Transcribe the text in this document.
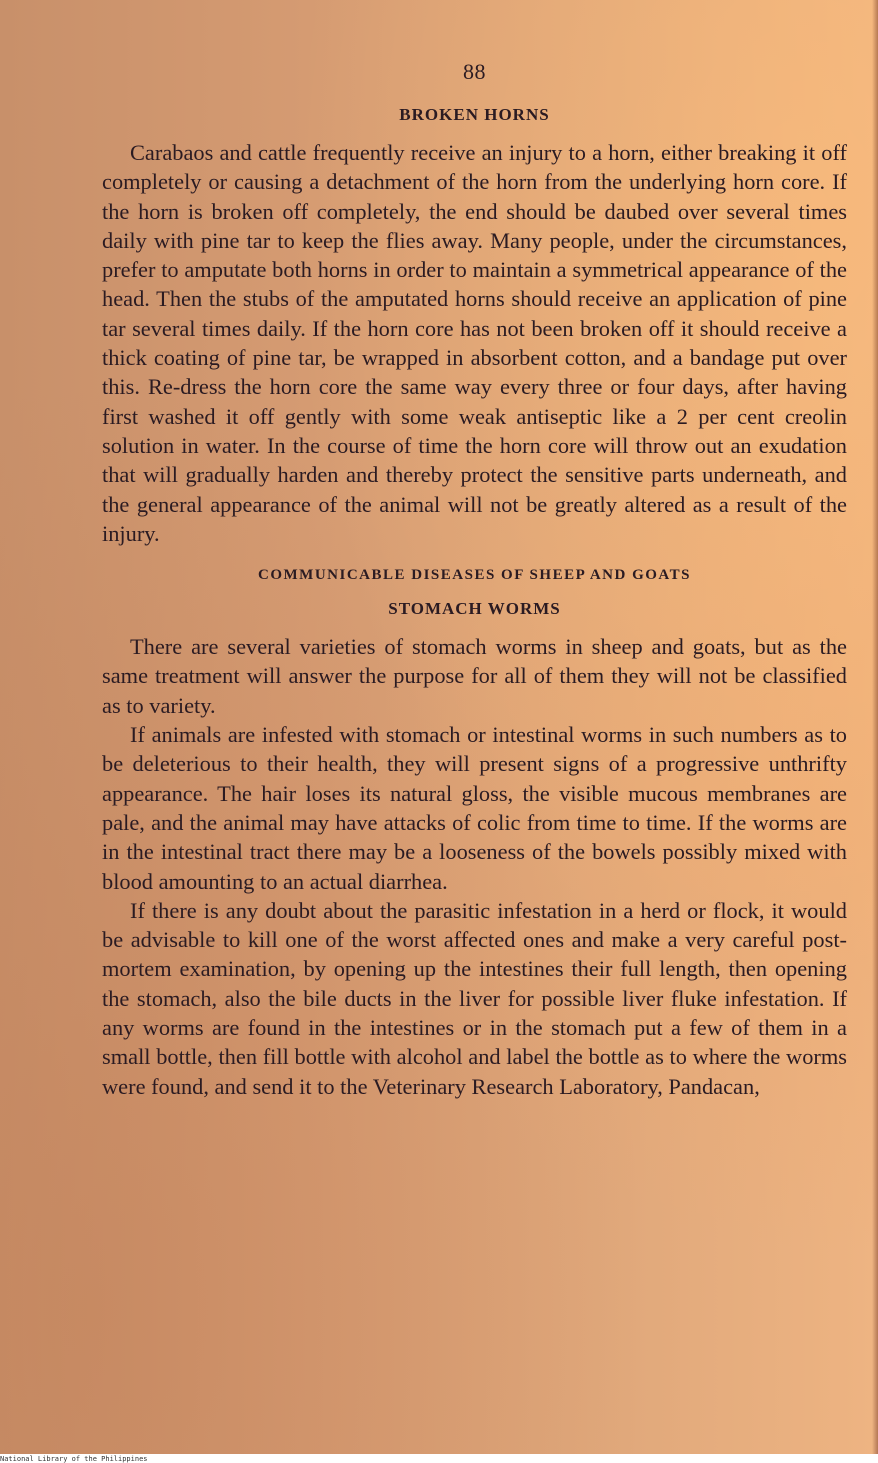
88
BROKEN HORNS

Carabaos and cattle frequently receive an injury to a horn, either breaking it off completely or causing a detachment of the horn from the underlying horn core. If the horn is broken off completely, the end should be daubed over several times daily with pine tar to keep the flies away. Many people, under the circumstances, prefer to amputate both horns in order to maintain a symmetrical appearance of the head. Then the stubs of the amputated horns should receive an application of pine tar several times daily. If the horn core has not been broken off it should receive a thick coating of pine tar, be wrapped in absorbent cotton, and a bandage put over this. Re-dress the horn core the same way every three or four days, after having first washed it off gently with some weak antiseptic like a 2 per cent creolin solution in water. In the course of time the horn core will throw out an exudation that will gradually harden and thereby protect the sensitive parts underneath, and the general appearance of the animal will not be greatly altered as a result of the injury.

COMMUNICABLE DISEASES OF SHEEP AND GOATS
STOMACH WORMS

There are several varieties of stomach worms in sheep and goats, but as the same treatment will answer the purpose for all of them they will not be classified as to variety.

If animals are infested with stomach or intestinal worms in such numbers as to be deleterious to their health, they will present signs of a progressive unthrifty appearance. The hair loses its natural gloss, the visible mucous membranes are pale, and the animal may have attacks of colic from time to time. If the worms are in the intestinal tract there may be a looseness of the bowels possibly mixed with blood amounting to an actual diarrhea.

If there is any doubt about the parasitic infestation in a herd or flock, it would be advisable to kill one of the worst affected ones and make a very careful post-mortem examination, by opening up the intestines their full length, then opening the stomach, also the bile ducts in the liver for possible liver fluke infestation. If any worms are found in the intestines or in the stomach put a few of them in a small bottle, then fill bottle with alcohol and label the bottle as to where the worms were found, and send it to the Veterinary Research Laboratory, Pandacan,

National Library of the Philippines
